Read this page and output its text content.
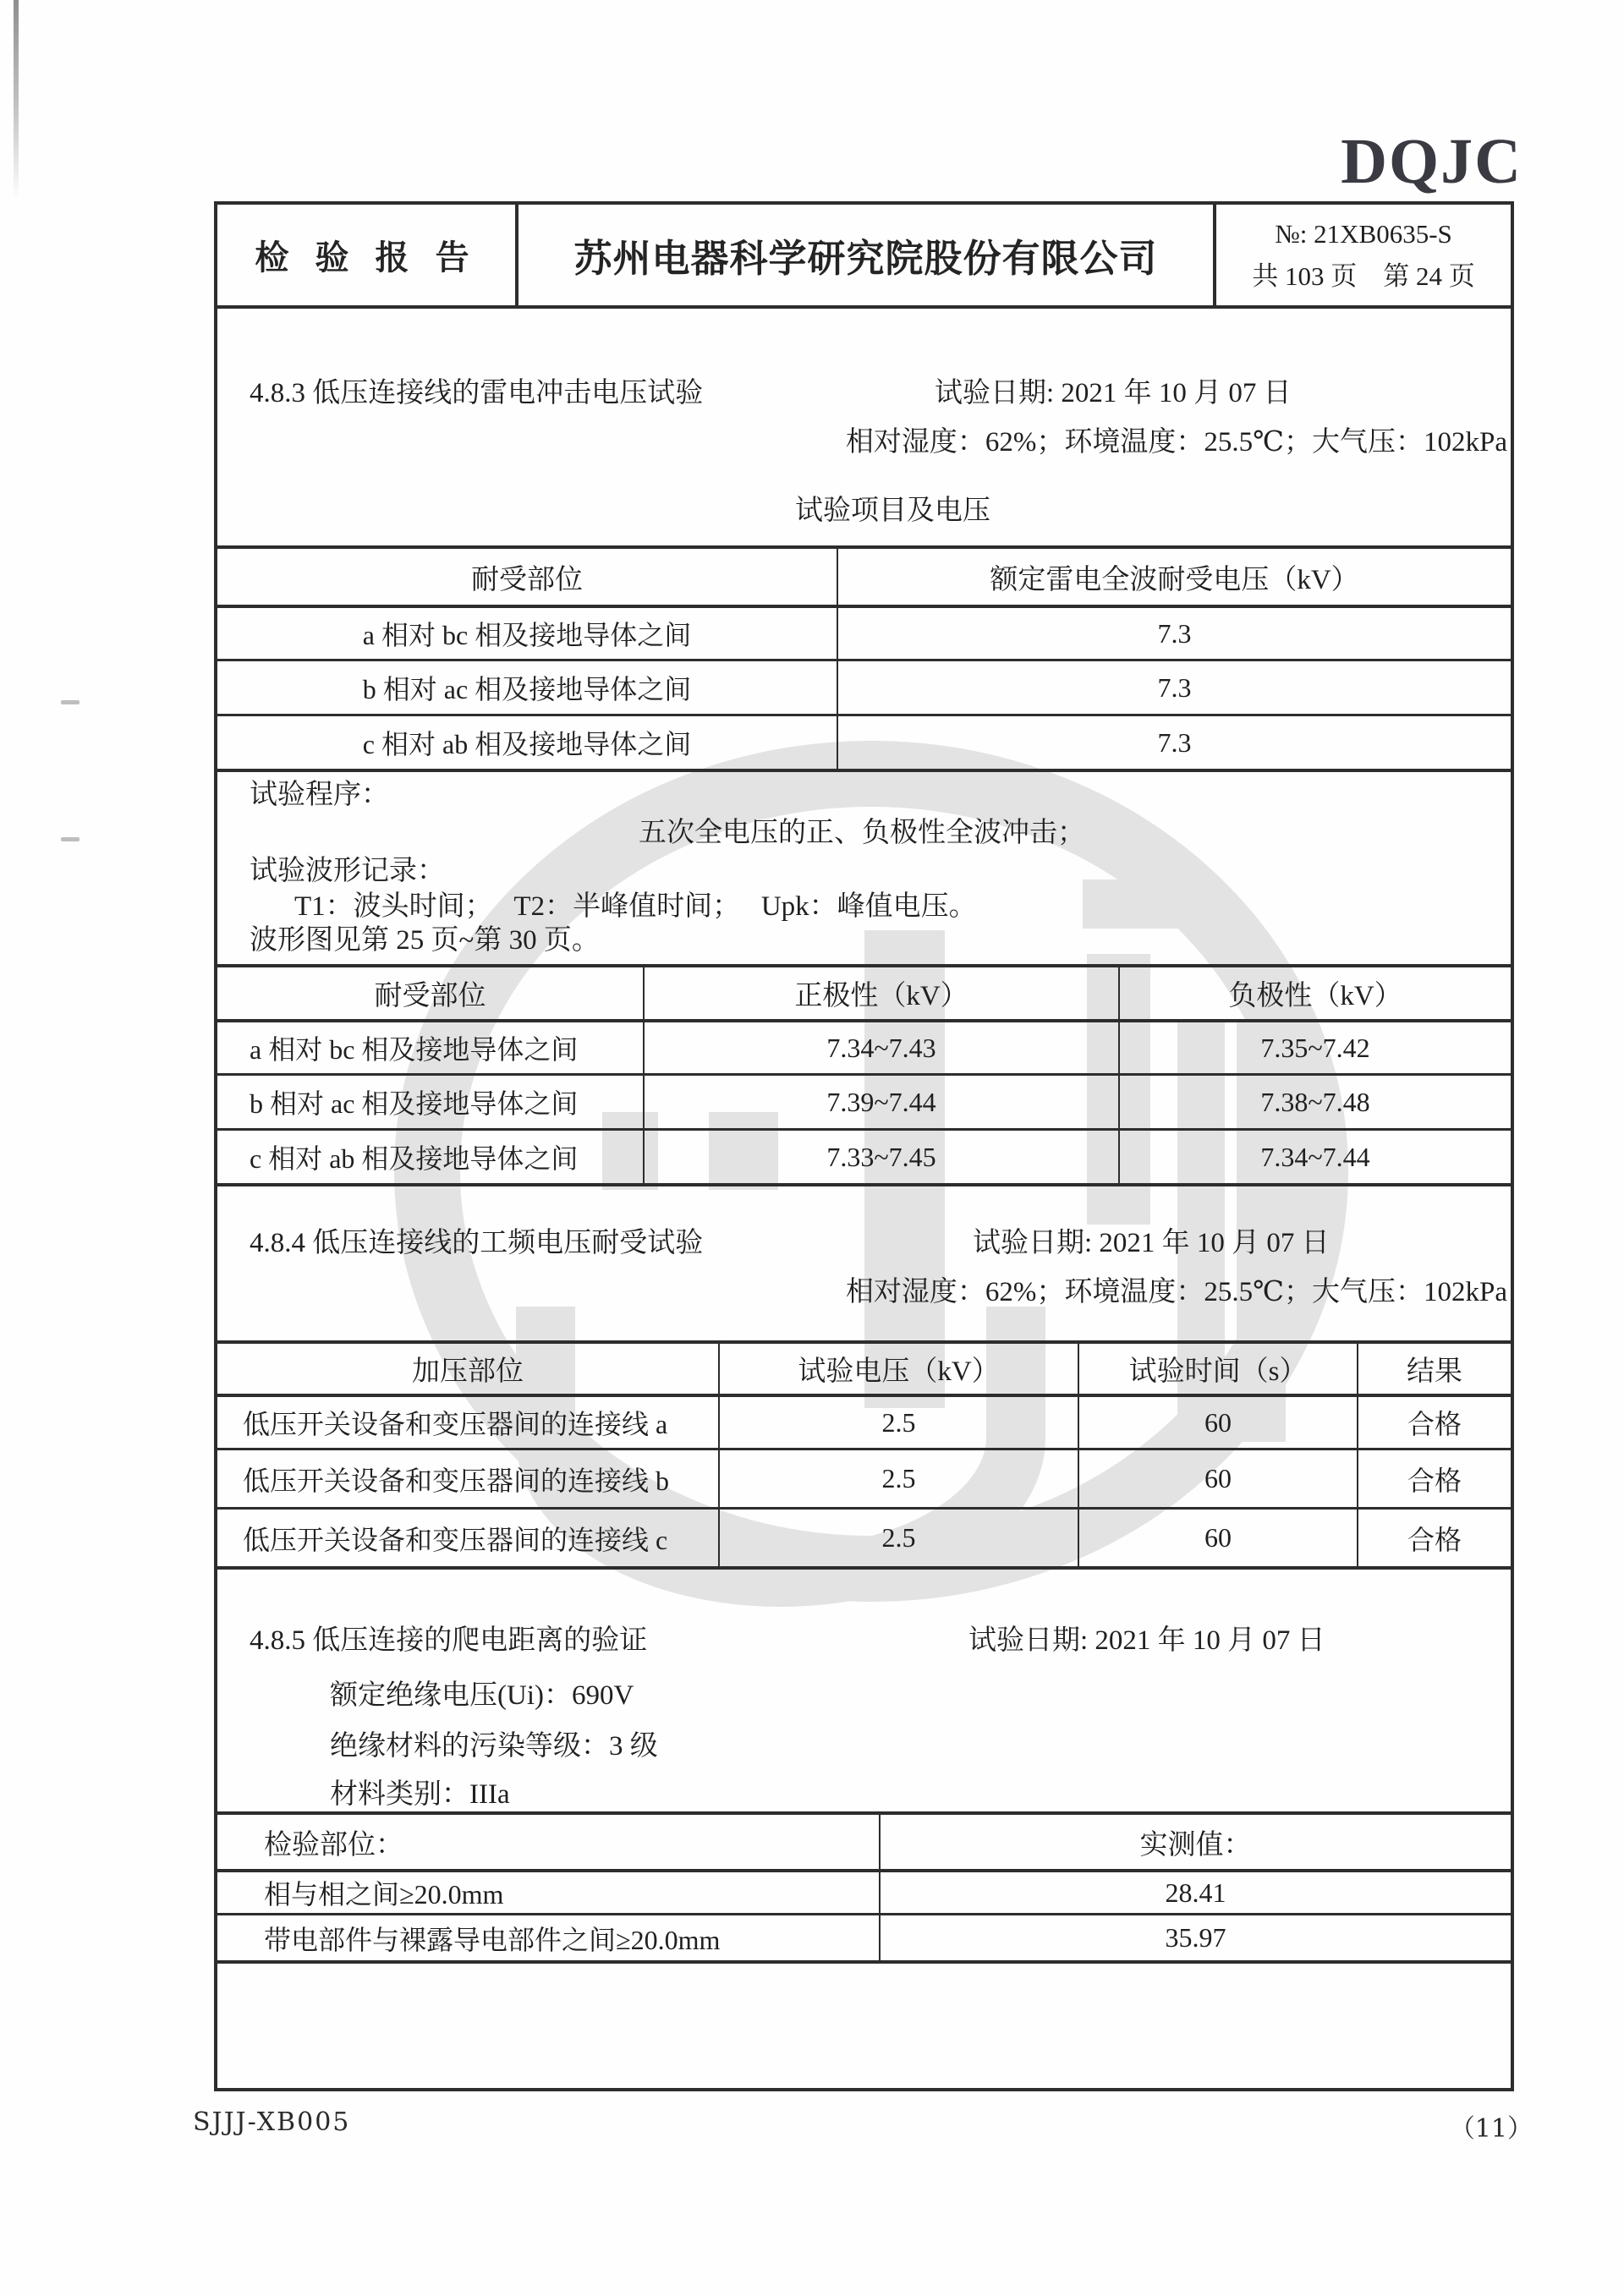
DQJC
检 验 报 告	苏州电器科学研究院股份有限公司
№: 21XB0635-S
共 103 页　第 24 页
4.8.3 低压连接线的雷电冲击电压试验	试验日期: 2021 年 10 月 07 日
相对湿度：62%；环境温度：25.5℃；大气压：102kPa
试验项目及电压
耐受部位	额定雷电全波耐受电压（kV）
a 相对 bc 相及接地导体之间	7.3
b 相对 ac 相及接地导体之间	7.3
c 相对 ab 相及接地导体之间	7.3
试验程序：
五次全电压的正、负极性全波冲击；
试验波形记录：
T1：波头时间；　 T2：半峰值时间；　 Upk：峰值电压。
波形图见第 25 页~第 30 页。
耐受部位	正极性（kV）	负极性（kV）
a 相对 bc 相及接地导体之间	7.34~7.43	7.35~7.42
b 相对 ac 相及接地导体之间	7.39~7.44	7.38~7.48
c 相对 ab 相及接地导体之间	7.33~7.45	7.34~7.44
4.8.4 低压连接线的工频电压耐受试验	试验日期: 2021 年 10 月 07 日
相对湿度：62%；环境温度：25.5℃；大气压：102kPa
加压部位	试验电压（kV）	试验时间（s）	结果
低压开关设备和变压器间的连接线 a	2.5	60	合格
低压开关设备和变压器间的连接线 b	2.5	60	合格
低压开关设备和变压器间的连接线 c	2.5	60	合格
4.8.5 低压连接的爬电距离的验证	试验日期: 2021 年 10 月 07 日
额定绝缘电压(Ui)：690V
绝缘材料的污染等级：3 级
材料类别：IIIa
检验部位：	实测值：
相与相之间≥20.0mm	28.41
带电部件与裸露导电部件之间≥20.0mm	35.97
SJJJ-XB005	（11）
